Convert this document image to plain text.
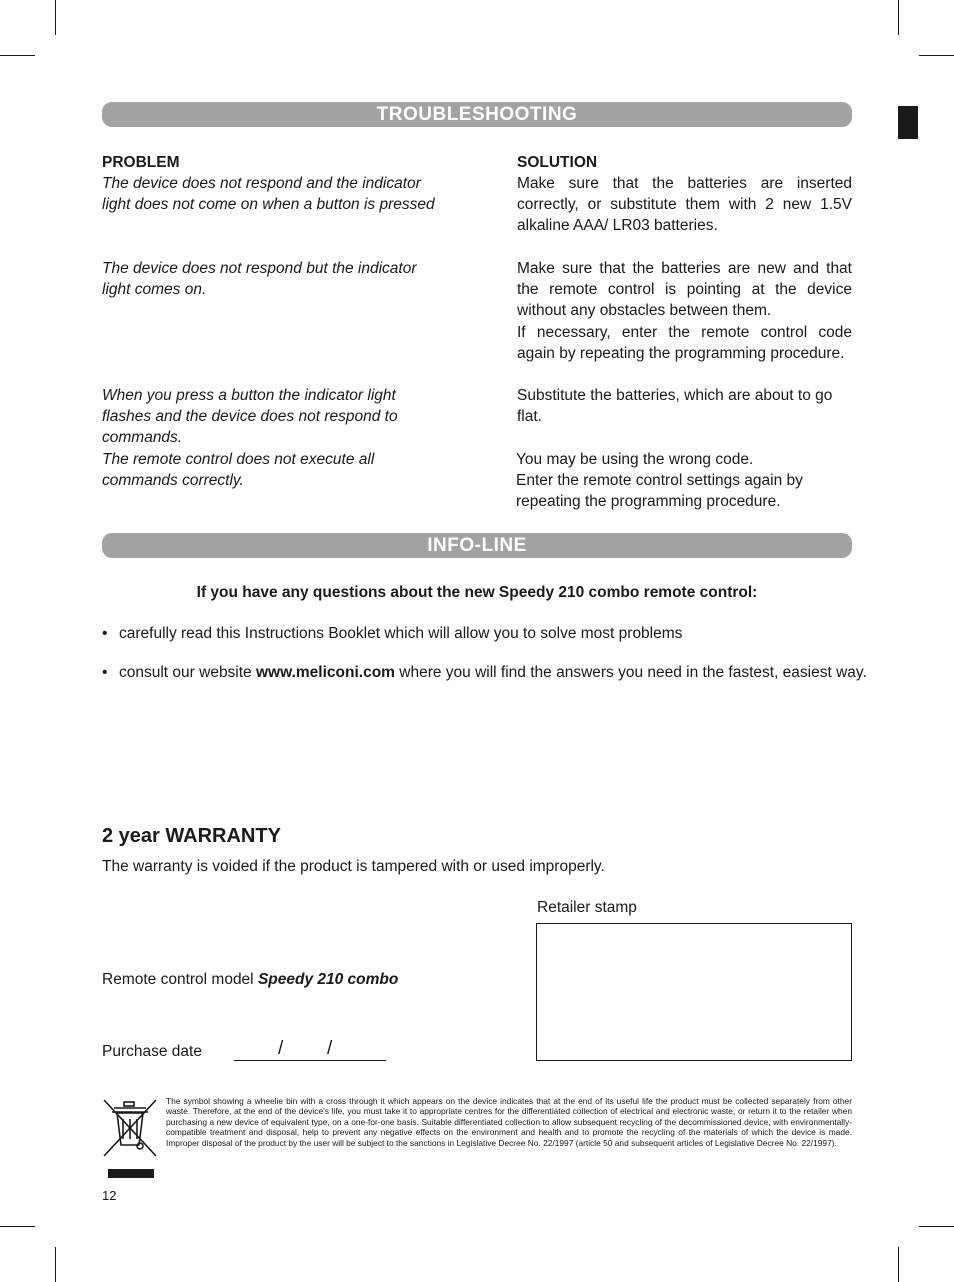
TROUBLESHOOTING
PROBLEM	SOLUTION
The device does not respond and the indicator light does not come on when a button is pressed
Make sure that the batteries are inserted correctly, or substitute them with 2 new 1.5V alkaline AAA/ LR03 batteries.
The device does not respond but the indicator light comes on.
Make sure that the batteries are new and that the remote control is pointing at the device without any obstacles between them.
If necessary, enter the remote control code again by repeating the programming procedure.
When you press a button the indicator light flashes and the device does not respond to commands.
Substitute the batteries, which are about to go flat.
The remote control does not execute all commands correctly.
You may be using the wrong code.
Enter the remote control settings again by repeating the programming procedure.
INFO-LINE
If you have any questions about the new Speedy 210 combo remote control:
• carefully read this Instructions Booklet which will allow you to solve most problems
• consult our website www.meliconi.com where you will find the answers you need in the fastest, easiest way.
2 year WARRANTY
The warranty is voided if the product is tampered with or used improperly.
Retailer stamp
Remote control model Speedy 210 combo
Purchase date	/ /
The symbol showing a wheelie bin with a cross through it which appears on the device indicates that at the end of its useful life the product must be collected separately from other waste. Therefore, at the end of the device's life, you must take it to appropriate centres for the differentiated collection of electrical and electronic waste, or return it to the retailer when purchasing a new device of equivalent type, on a one-for-one basis. Suitable differentiated collection to allow subsequent recycling of the decommissioned device, with environmentally-compatible treatment and disposal, help to prevent any negative effects on the environment and health and to promote the recycling of the materials of which the device is made. Improper disposal of the product by the user will be subject to the sanctions in Legislative Decree No. 22/1997 (article 50 and subsequent articles of Legislative Decree No. 22/1997).
12
